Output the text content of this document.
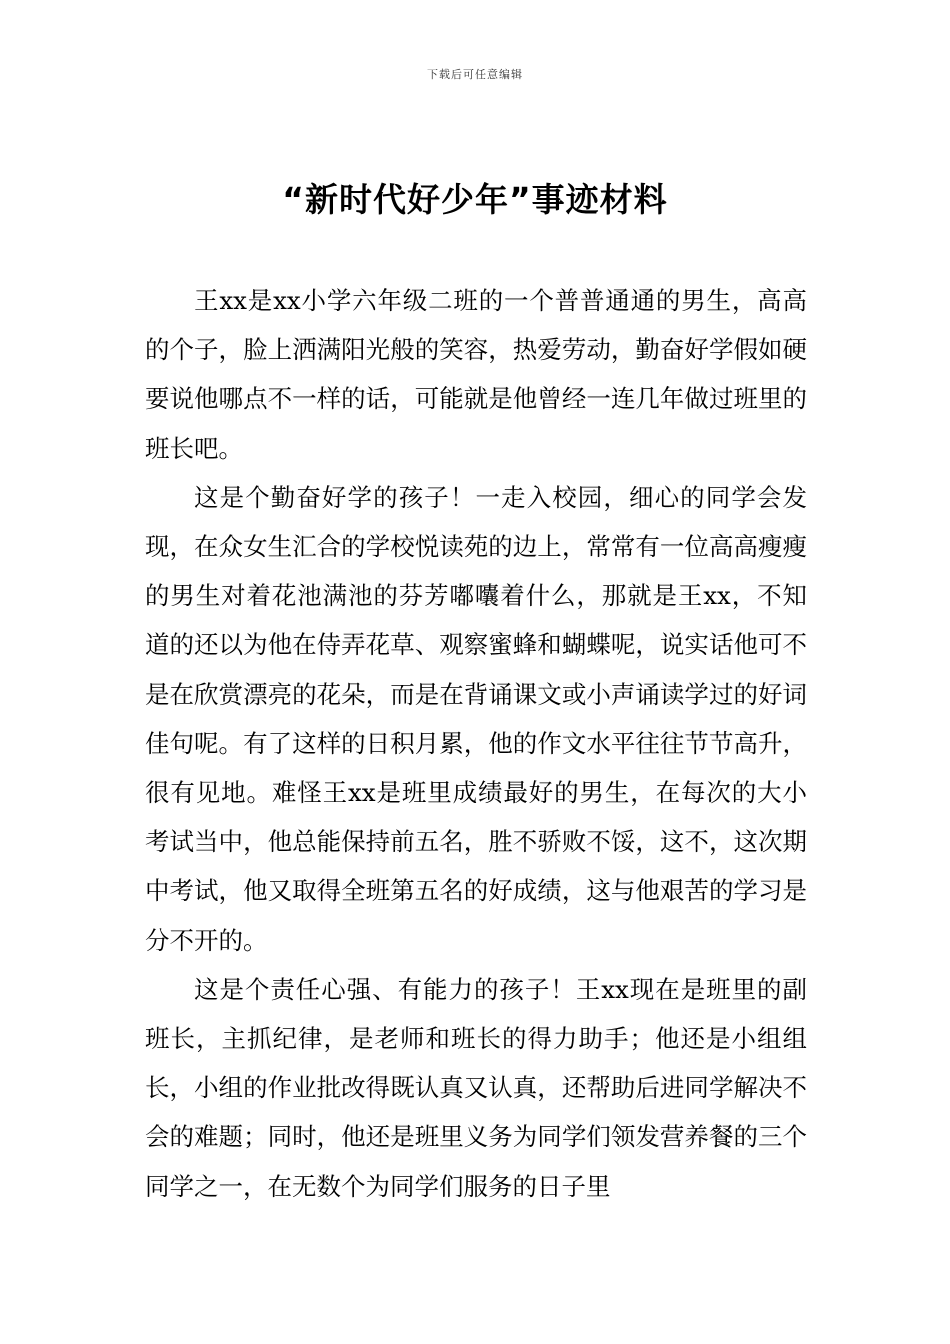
下载后可任意编辑
“新时代好少年”事迹材料

王xx是xx小学六年级二班的一个普普通通的男生，高高的个子，脸上洒满阳光般的笑容，热爱劳动，勤奋好学假如硬要说他哪点不一样的话，可能就是他曾经一连几年做过班里的班长吧。

这是个勤奋好学的孩子！一走入校园，细心的同学会发现，在众女生汇合的学校悦读苑的边上，常常有一位高高瘦瘦的男生对着花池满池的芬芳嘟囔着什么，那就是王xx，不知道的还以为他在侍弄花草、观察蜜蜂和蝴蝶呢，说实话他可不是在欣赏漂亮的花朵，而是在背诵课文或小声诵读学过的好词佳句呢。有了这样的日积月累，他的作文水平往往节节高升，很有见地。难怪王xx是班里成绩最好的男生，在每次的大小考试当中，他总能保持前五名，胜不骄败不馁，这不，这次期中考试，他又取得全班第五名的好成绩，这与他艰苦的学习是分不开的。

这是个责任心强、有能力的孩子！王xx现在是班里的副班长，主抓纪律，是老师和班长的得力助手；他还是小组组长，小组的作业批改得既认真又认真，还帮助后进同学解决不会的难题；同时，他还是班里义务为同学们领发营养餐的三个同学之一，在无数个为同学们服务的日子里
